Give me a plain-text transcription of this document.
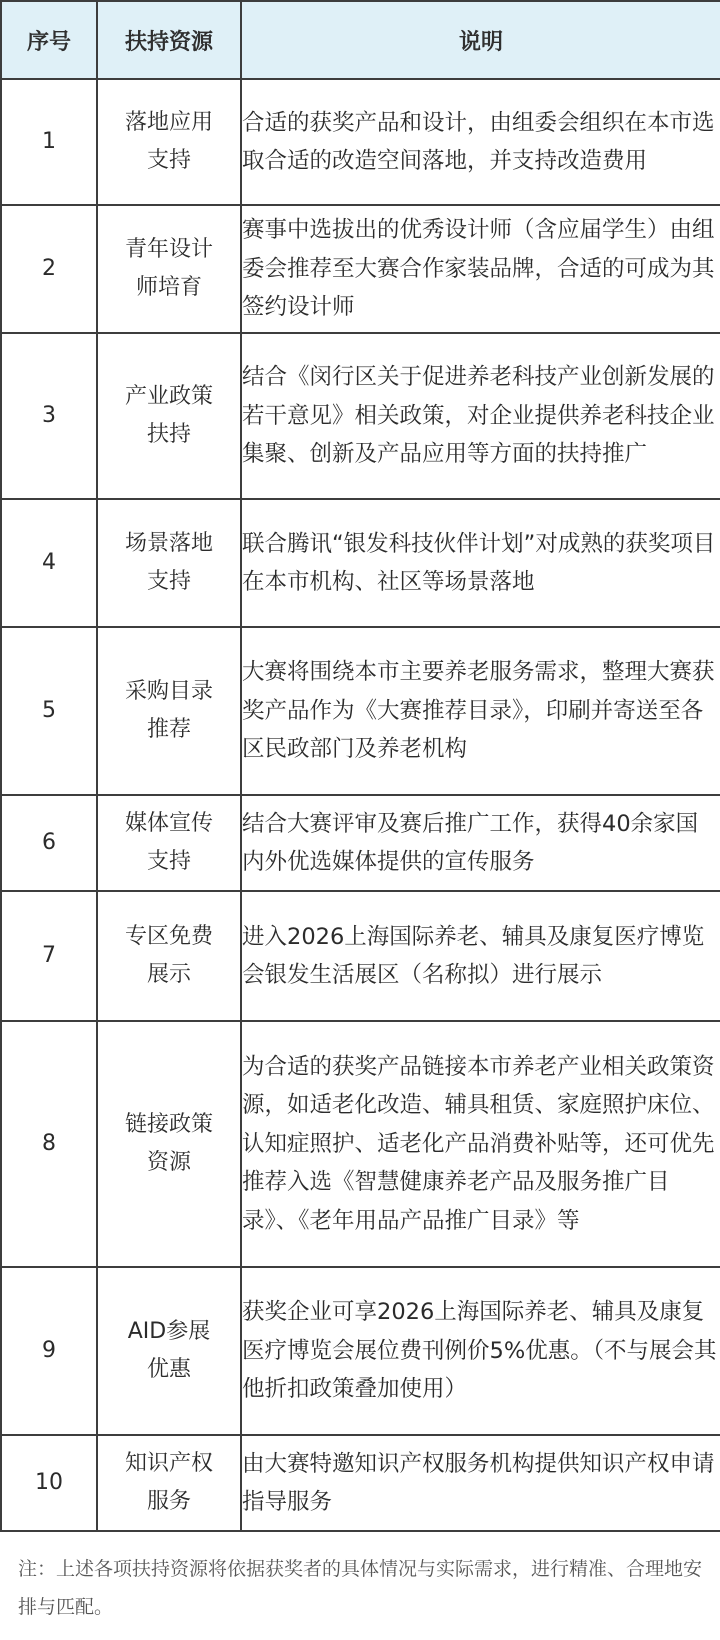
序号	扶持资源	说明
1	落地应用支持	合适的获奖产品和设计，由组委会组织在本市选取合适的改造空间落地，并支持改造费用
2	青年设计师培育	赛事中选拔出的优秀设计师（含应届学生）由组委会推荐至大赛合作家装品牌，合适的可成为其签约设计师
3	产业政策扶持	结合《闵行区关于促进养老科技产业创新发展的若干意见》相关政策，对企业提供养老科技企业集聚、创新及产品应用等方面的扶持推广
4	场景落地支持	联合腾讯“银发科技伙伴计划”对成熟的获奖项目在本市机构、社区等场景落地
5	采购目录推荐	大赛将围绕本市主要养老服务需求，整理大赛获奖产品作为《大赛推荐目录》，印刷并寄送至各区民政部门及养老机构
6	媒体宣传支持	结合大赛评审及赛后推广工作，获得40余家国内外优选媒体提供的宣传服务
7	专区免费展示	进入2026上海国际养老、辅具及康复医疗博览会银发生活展区（名称拟）进行展示
8	链接政策资源	为合适的获奖产品链接本市养老产业相关政策资源，如适老化改造、辅具租赁、家庭照护床位、认知症照护、适老化产品消费补贴等，还可优先推荐入选《智慧健康养老产品及服务推广目录》、《老年用品产品推广目录》等
9	AID参展优惠	获奖企业可享2026上海国际养老、辅具及康复医疗博览会展位费刊例价5%优惠。（不与展会其他折扣政策叠加使用）
10	知识产权服务	由大赛特邀知识产权服务机构提供知识产权申请指导服务
注：上述各项扶持资源将依据获奖者的具体情况与实际需求，进行精准、合理地安排与匹配。
